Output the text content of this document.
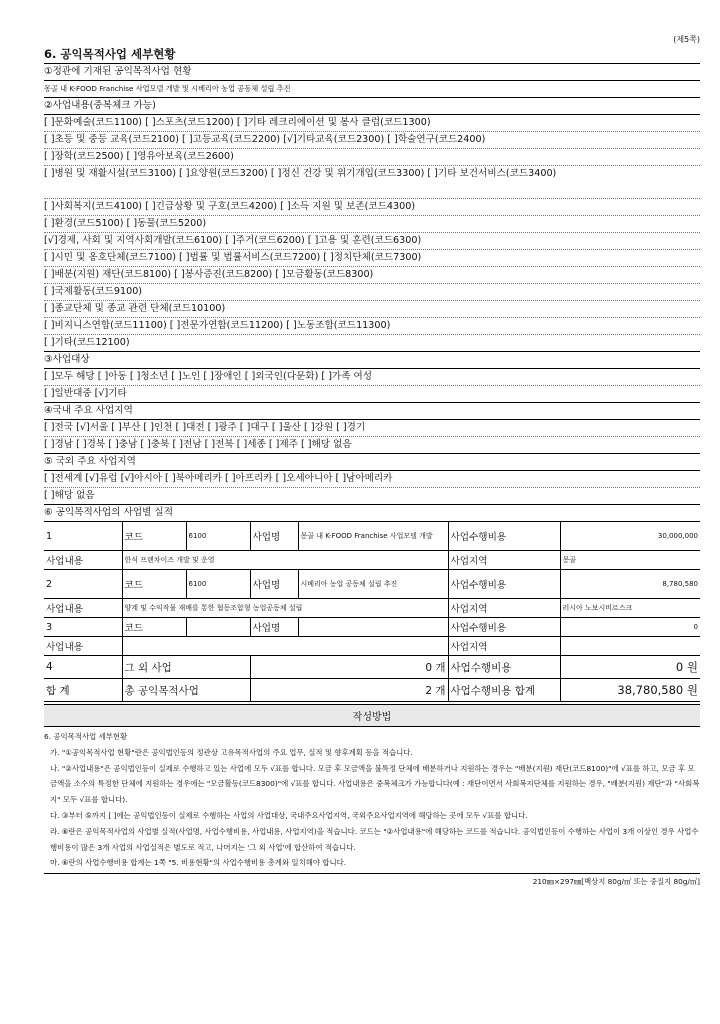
(제5쪽)
6. 공익목적사업 세부현황
①정관에 기재된 공익목적사업 현황
몽골 내 K-FOOD Franchise 사업모델 개발 및 시베리아 농업 공동체 설립 추진
②사업내용(중복체크 가능)
[ ]문화예술(코드1100) [ ]스포츠(코드1200) [ ]기타 레크리에이션 및 봉사 클럽(코드1300)
[ ]초등 및 중등 교육(코드2100) [ ]고등교육(코드2200) [√]기타교육(코드2300) [ ]학술연구(코드2400)
[ ]장학(코드2500) [ ]영유아보육(코드2600)
[ ]병원 및 재활시설(코드3100) [ ]요양원(코드3200) [ ]정신 건강 및 위기개입(코드3300) [ ]기타 보건서비스(코드3400)
[ ]사회복지(코드4100) [ ]긴급상황 및 구호(코드4200) [ ]소득 지원 및 보존(코드4300)
[ ]환경(코드5100) [ ]동물(코드5200)
[√]경제, 사회 및 지역사회개발(코드6100) [ ]주거(코드6200) [ ]고용 및 훈련(코드6300)
[ ]시민 및 옹호단체(코드7100) [ ]법률 및 법률서비스(코드7200) [ ]정치단체(코드7300)
[ ]배분(지원) 재단(코드8100) [ ]봉사증진(코드8200) [ ]모금활동(코드8300)
[ ]국제활동(코드9100)
[ ]종교단체 및 종교 관련 단체(코드10100)
[ ]비지니스연합(코드11100) [ ]전문가연합(코드11200) [ ]노동조합(코드11300)
[ ]기타(코드12100)
③사업대상
[ ]모두 해당 [ ]아동 [ ]청소년 [ ]노인 [ ]장애인 [ ]외국인(다문화) [ ]가족 여성
[ ]일반대중 [√]기타
④국내 주요 사업지역
[ ]전국 [√]서울 [ ]부산 [ ]인천 [ ]대전 [ ]광주 [ ]대구 [ ]울산 [ ]강원 [ ]경기
[ ]경남 [ ]경북 [ ]충남 [ ]충북 [ ]전남 [ ]전북 [ ]세종 [ ]제주 [ ]해당 없음
⑤ 국외 주요 사업지역
[ ]전세계 [√]유럽 [√]아시아 [ ]북아메리카 [ ]아프리카 [ ]오세아니아 [ ]남아메리카
[ ]해당 없음
⑥ 공익목적사업의 사업별 실적
1	코드	6100	사업명	몽골 내 K-FOOD Franchise 사업모델 개발	사업수행비용	30,000,000
사업내용	한식 프랜차이즈 개발 및 운영				사업지역	몽골
2	코드	6100	사업명	시베리아 농업 공동체 설립 추진	사업수행비용	8,780,580
사업내용	양계 및 수익작물 재배를 통한 협동조합형 농업공동체 설립				사업지역	러시아 노보시비르스크
3	코드		사업명		사업수행비용	0
사업내용					사업지역	
4	그 외 사업		0 개		사업수행비용	0 원
합 계	총 공익목적사업		2 개		사업수행비용 합계	38,780,580 원
작성방법

6. 공익목적사업 세부현황

가. "①공익목적사업 현황"란은 공익법인등의 정관상 고유목적사업의 주요 업무, 실적 및 향후계획 등을 적습니다.

나. "②사업내용"은 공익법인등이 실제로 수행하고 있는 사업에 모두 √표를 합니다. 모금 후 모금액을 불특정 단체에 배분하거나 지원하는 경우는 "배분(지원) 재단(코드8100)"에 √표를 하고, 모금 후 모금액을 소수의 특정한 단체에 지원하는 경우에는 "모금활동(코드8300)"에 √표를 합니다. 사업내용은 중복체크가 가능합니다(예 : 재단이면서 사회복지단체를 지원하는 경우, "배분(지원) 재단"과 "사회복지" 모두 √표를 합니다).

다. ③부터 ⑤까지 [ ]에는 공익법인등이 실제로 수행하는 사업의 사업대상, 국내주요사업지역, 국외주요사업지역에 해당하는 곳에 모두 √표를 합니다.

라. ⑥란은 공익목적사업의 사업별 실적(사업명, 사업수행비용, 사업내용, 사업지역)을 적습니다. 코드는 "②사업내용"에 해당하는 코드를 적습니다. 공익법인등이 수행하는 사업이 3개 이상인 경우 사업수행비용이 많은 3개 사업의 사업실적은 별도로 적고, 나머지는 '그 외 사업'에 합산하여 적습니다.

마. ⑥란의 사업수행비용 합계는 1쪽 "5. 비용현황"의 사업수행비용 총계와 일치해야 합니다.

210㎜×297㎜[백상지 80g/㎡ 또는 중질지 80g/㎡]
